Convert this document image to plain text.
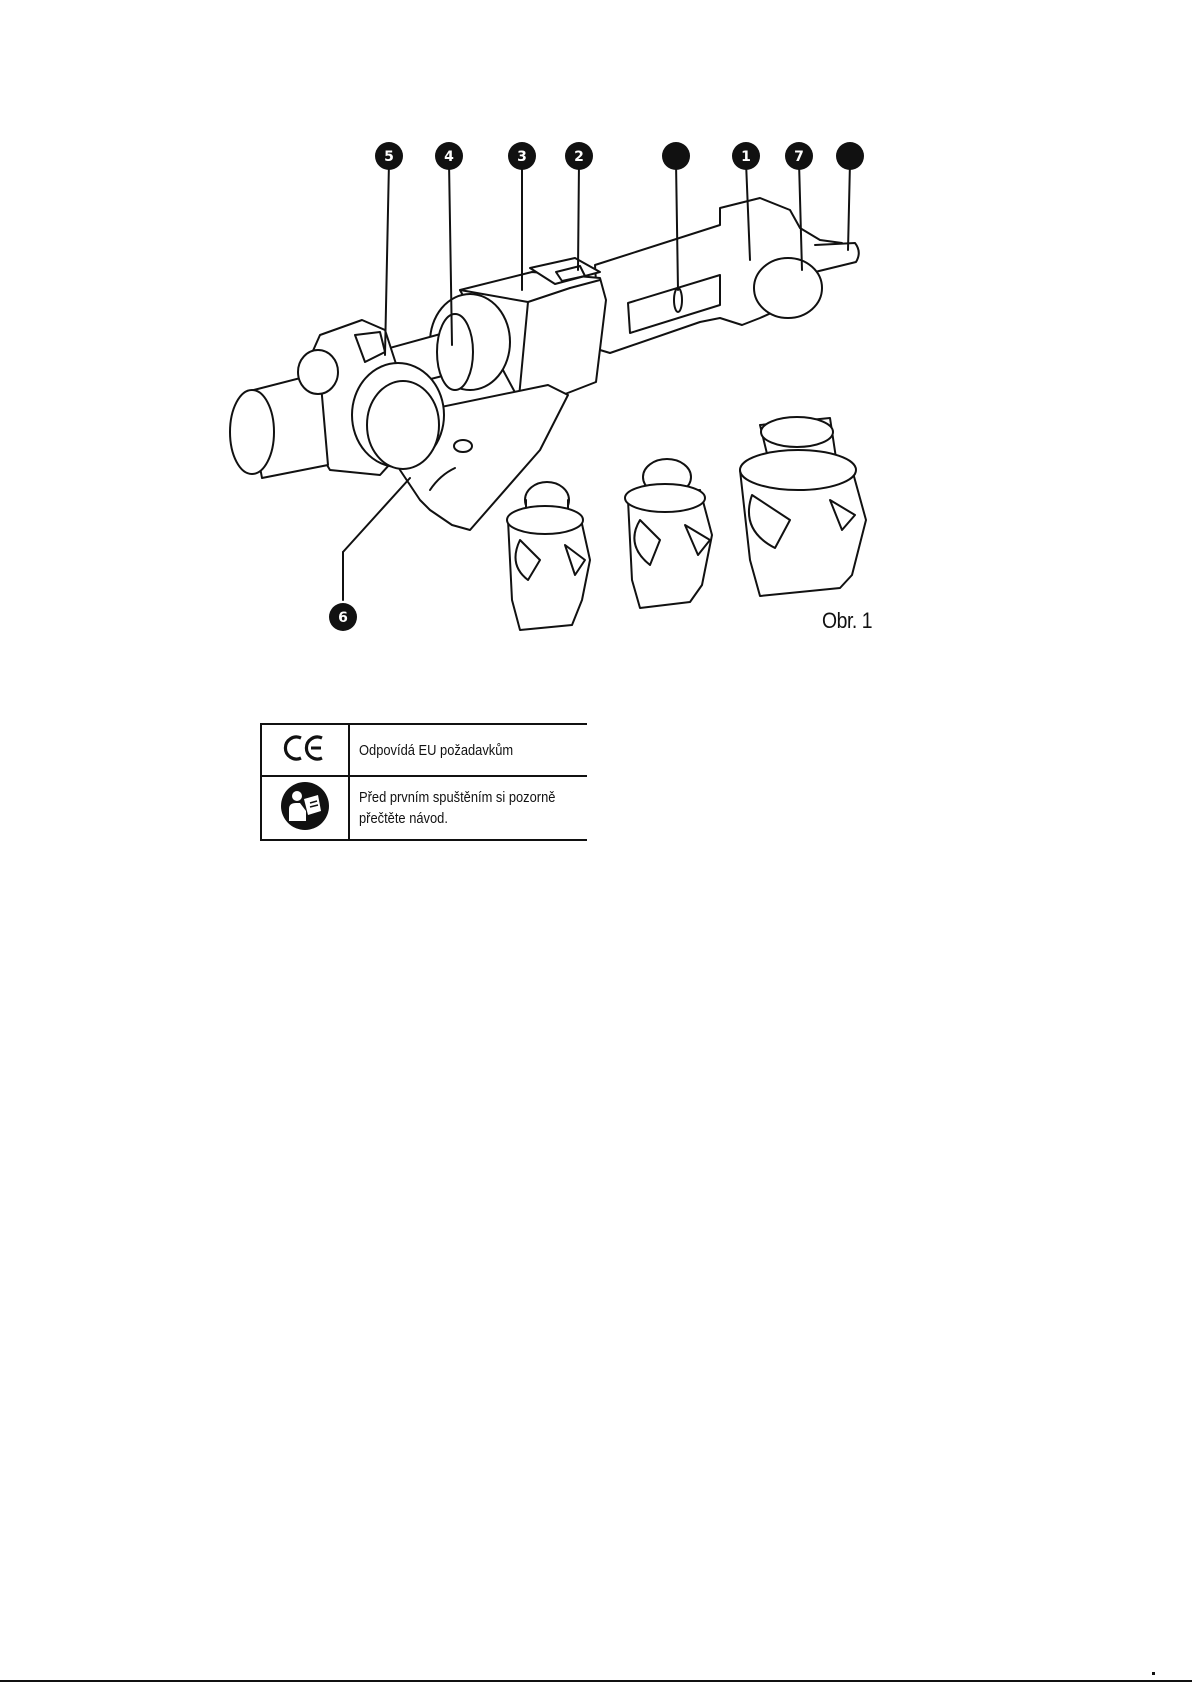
5	4	3	2	1	7
6	Obr. 1
	Odpovídá EU požadavkům
	Před prvním spuštěním si pozorně
přečtěte návod.
